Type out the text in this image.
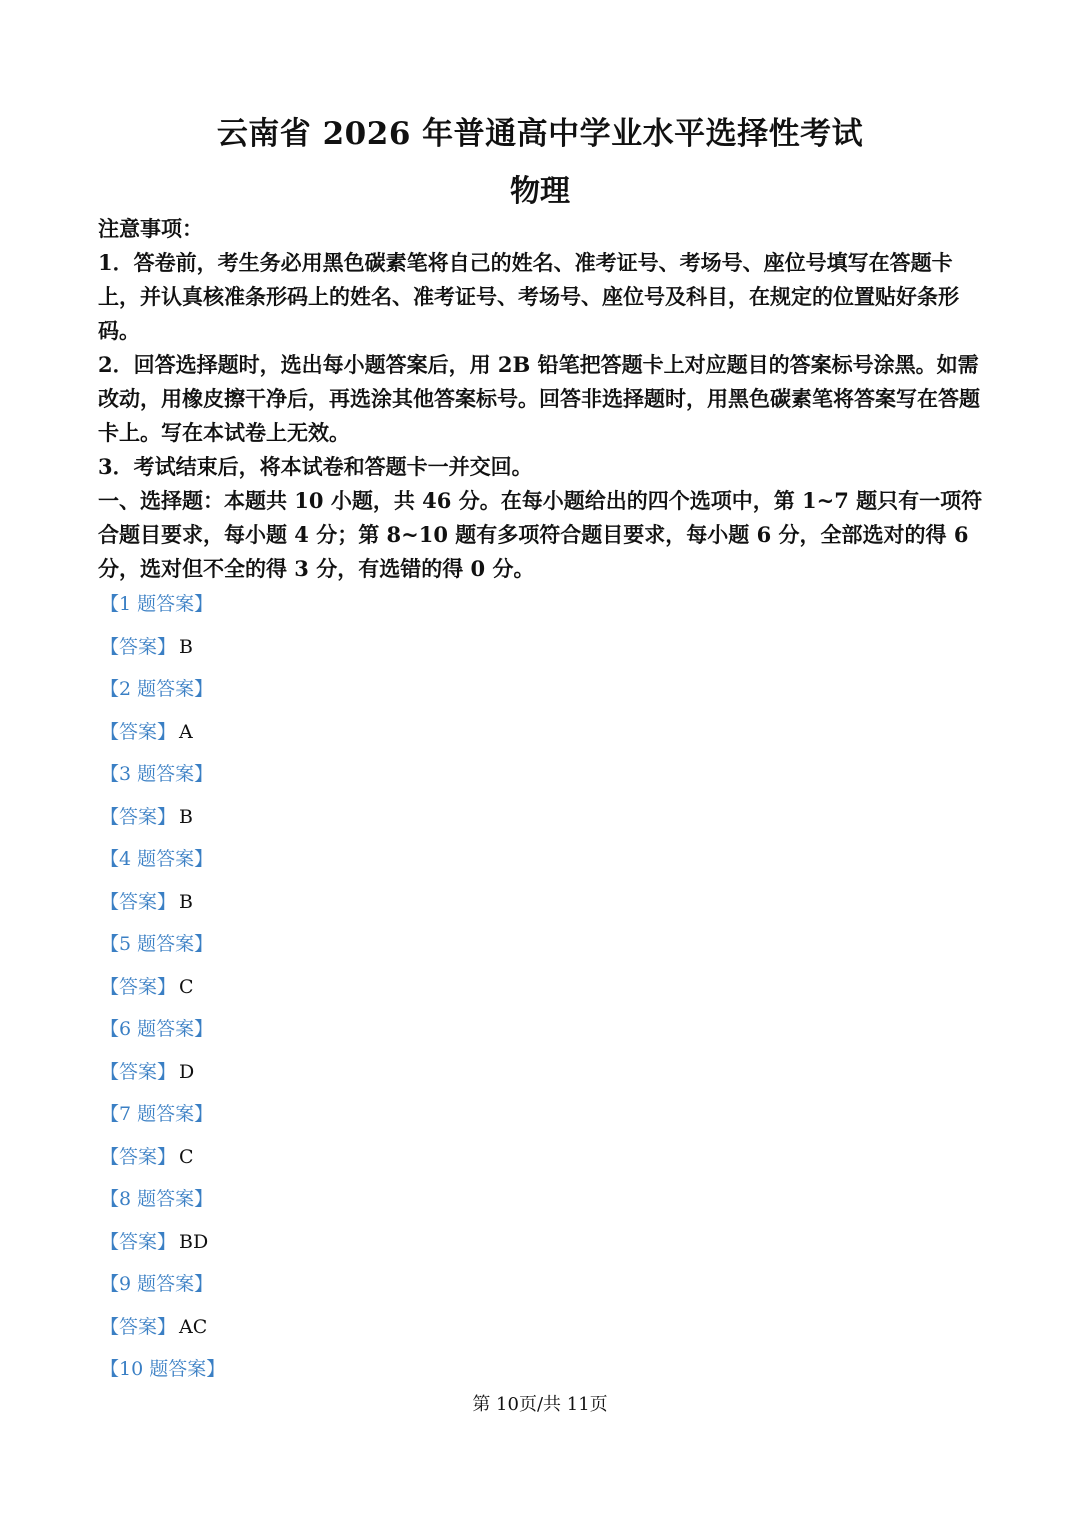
云南省 2026 年普通高中学业水平选择性考试
物理

注意事项：

1．答卷前，考生务必用黑色碳素笔将自己的姓名、准考证号、考场号、座位号填写在答题卡上，并认真核准条形码上的姓名、准考证号、考场号、座位号及科目，在规定的位置贴好条形码。

2．回答选择题时，选出每小题答案后，用 2B 铅笔把答题卡上对应题目的答案标号涂黑。如需改动，用橡皮擦干净后，再选涂其他答案标号。回答非选择题时，用黑色碳素笔将答案写在答题卡上。写在本试卷上无效。

3．考试结束后，将本试卷和答题卡一并交回。

一、选择题：本题共 10 小题，共 46 分。在每小题给出的四个选项中，第 1~7 题只有一项符合题目要求，每小题 4 分；第 8~10 题有多项符合题目要求，每小题 6 分，全部选对的得 6 分，选对但不全的得 3 分，有选错的得 0 分。

【1 题答案】
【答案】 B
【2 题答案】
【答案】 A
【3 题答案】
【答案】 B
【4 题答案】
【答案】 B
【5 题答案】
【答案】 C
【6 题答案】
【答案】 D
【7 题答案】
【答案】 C
【8 题答案】
【答案】 BD
【9 题答案】
【答案】 AC
【10 题答案】
第 10页/共 11页
